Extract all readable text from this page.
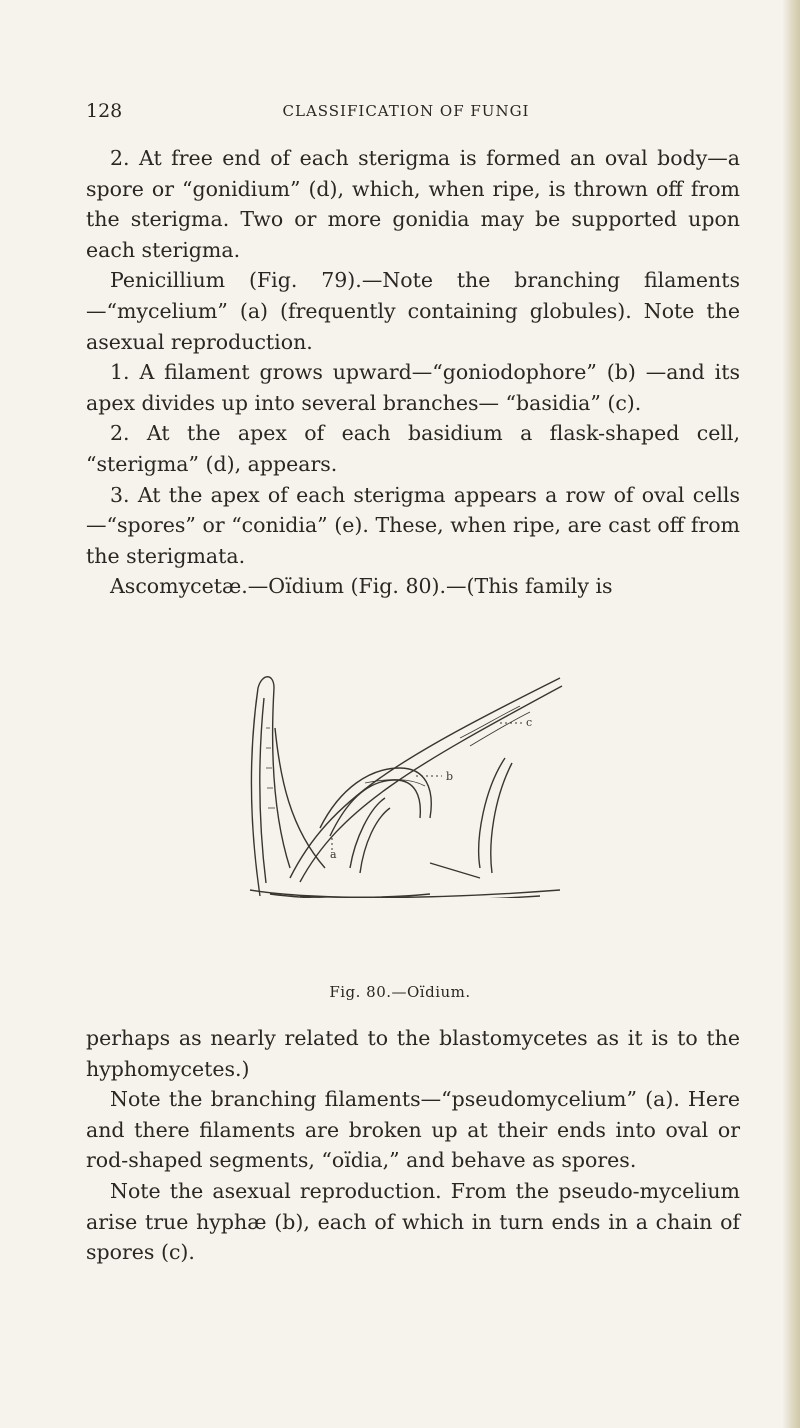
128	CLASSIFICATION OF FUNGI

2. At free end of each sterigma is formed an oval body—a spore or “gonidium” (d), which, when ripe, is thrown off from the sterigma. Two or more gonidia may be supported upon each sterigma.

Penicillium (Fig. 79).—Note the branching filaments —“mycelium” (a) (frequently containing globules). Note the asexual reproduction.

1. A filament grows upward—“goniodophore” (b) —and its apex divides up into several branches— “basidia” (c).

2. At the apex of each basidium a flask-shaped cell, “sterigma” (d), appears.

3. At the apex of each sterigma appears a row of oval cells—“spores” or “conidia” (e). These, when ripe, are cast off from the sterigmata.

Ascomycetæ.—Oïdium (Fig. 80).—(This family is

c
b
a
Fig. 80.—Oïdium.

perhaps as nearly related to the blastomycetes as it is to the hyphomycetes.)

Note the branching filaments—“pseudomycelium” (a). Here and there filaments are broken up at their ends into oval or rod-shaped segments, “oïdia,” and behave as spores.

Note the asexual reproduction. From the pseudo-mycelium arise true hyphæ (b), each of which in turn ends in a chain of spores (c).
